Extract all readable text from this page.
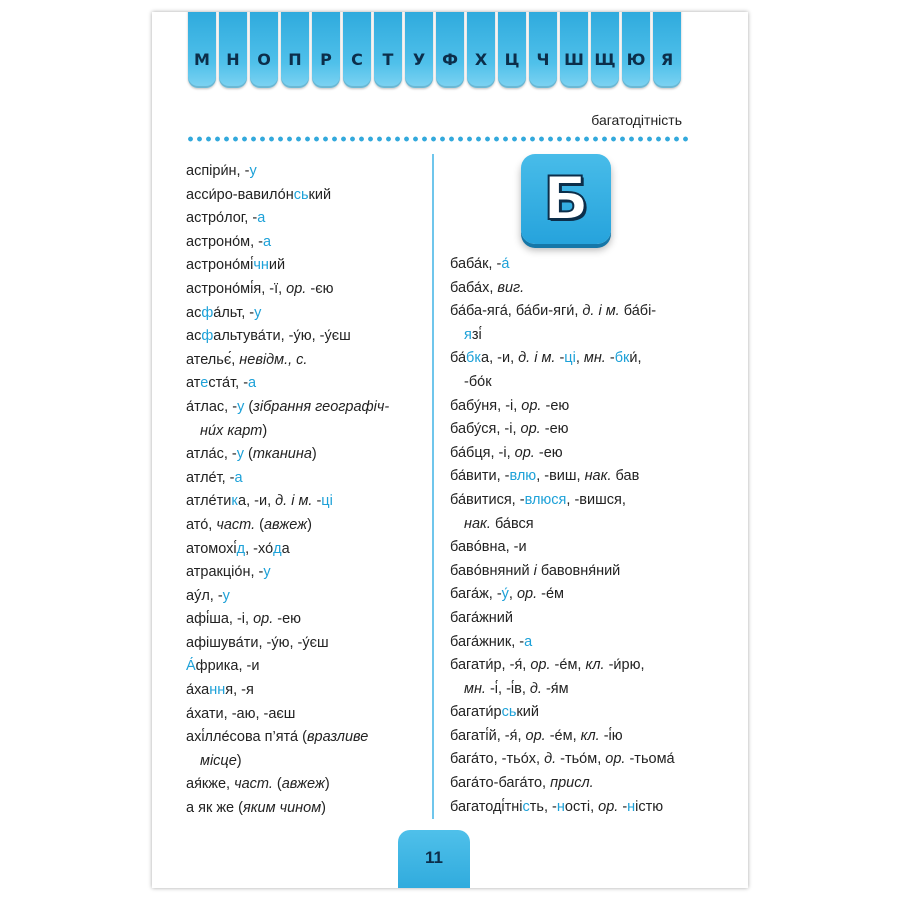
М	Н	О	П	Р	С	Т	У	Ф	Х	Ц	Ч Ш Щ Ю Я
багатодітність
аспіри́н, -у
асси́ро-вавило́нський
астро́лог, -а
астроно́м, -а
астроно́мі́чний
астроно́мі́я, -ї, ор. -єю
асфа́льт, -у
асфальтува́ти, -у́ю, -у́єш
ательє́, невідм., с.
атеста́т, -а
а́тлас, -у (зібрання географіч-
ни́х карт)
атла́с, -у (тканина)
атле́т, -а
атле́тика, -и, д. і м. -ці
ато́, част. (авжеж)
атомохі́д, -хо́да
атракціо́н, -у
аýл, -у
афі́ша, -і, ор. -ею
афішува́ти, -у́ю, -у́єш
А́фрика, -и
а́хання, -я
а́хати, -аю, -аєш
ахі́лле́сова п’ята́ (вразливе
місце)
ая́кже, част. (авжеж)
а як же (яким чином)
Б
баба́к, -а́
баба́х, виг.
ба́ба-яга́, ба́би-яги́, д. і м. ба́бі-
язі́
ба́бка, -и, д. і м. -ці, мн. -бки́,
-бо́к
бабу́ня, -і, ор. -ею
бабу́ся, -і, ор. -ею
ба́бця, -і, ор. -ею
ба́вити, -влю, -виш, нак. бав
ба́витися, -влюся, -вишся,
нак. ба́вся
бавóвна, -и
бавóвняний і бавовня́ний
бага́ж, -у́, ор. -е́м
бага́жний
бага́жник, -а
багати́р, -я́, ор. -е́м, кл. -и́рю,
мн. -і́, -і́в, д. -я́м
багати́рський
багаті́й, -я́, ор. -е́м, кл. -і́ю
бага́то, -тьо́х, д. -тьо́м, ор. -тьома́
бага́то-бага́то, присл.
багатоді́тність, -ності, ор. -ністю
11
